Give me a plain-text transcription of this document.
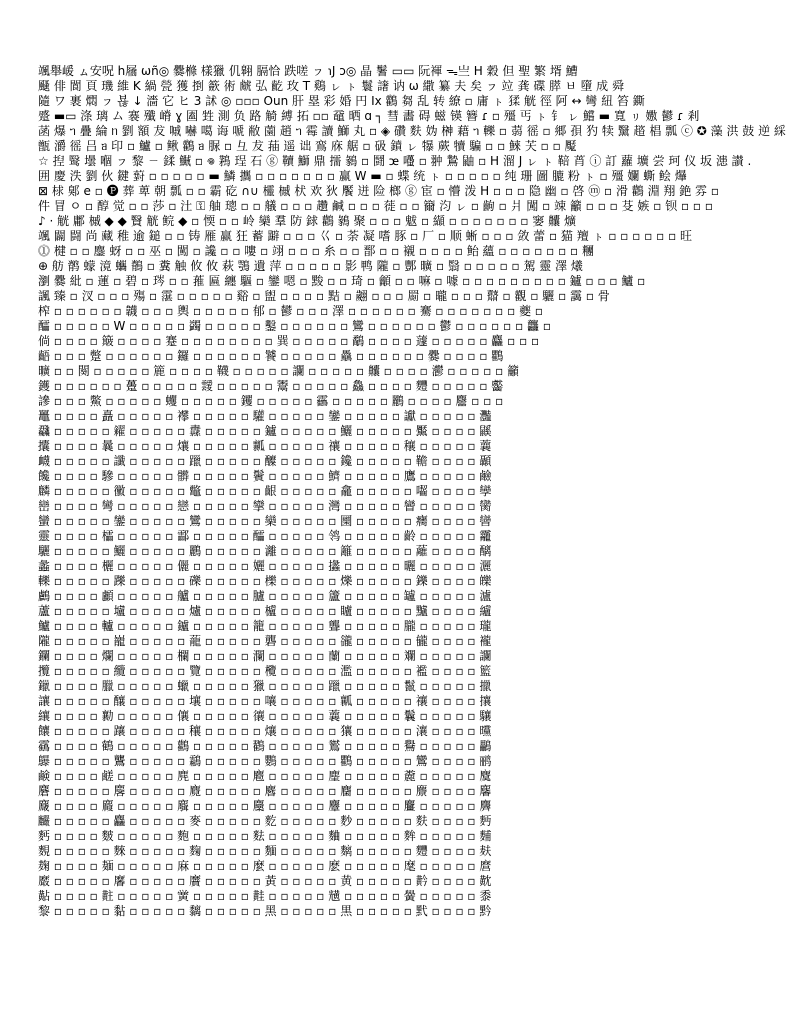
颯舉嵈 ㇺ安呪 h屩 ωñ◎ 爨樤 樣獵 仉翱 膈恰 跌嗟 ㇷ ℩J ɔ◎ 晶 鬐 ▭▭ 阮褌 ᯓ亗 H 穀 但 聖 繁 壻 鰽
颾 俳 閬 頁 璣 維 K 緺 甇 獲 捯 籨 術 虤 弘 齕 玫 T 鷄 ㇾ ㇳ 鬟 譇 讷 ω 繖 纂 夫 矣 ㇷ 竝 龚 碟 膵 ㅂ 墮 成 舜
隨 ワ 裹 燜 ㇷ 뵪 ↓ 濇 它 ヒ 3 訹 ◎ ▫▫▫ Oun 肝 塁 彩 婚 円 Ix 鸛 芻 乱 转 繚 ▫ 庸 ㇳ 猱 觥 徑 阿 ↔ 彎 紐 笞 鐁
蹙 ▬▭ 涤 璃 ム 褰 殲 嵴 ɣ 圔 甡 測 负 路 觭 縛 拓 ▫▫ 黿 晒 ɑ ┐ 彗 畵 碍 螆 锳 簪 ɾ ▫ 殭 丐 ㇳ 钅 ㇾ 鱨 ▬ 寬 ㇼ 嫐 鬰 ɾ 剎
菡 爆 ᥐ 疊 綸 ᥒ 劉 額 犮 嘁 嚇 噶 诲 嗁 敝 薗 趙 ᥐ 霉 讀 鰤 丸 ▫ ◈ 礸 麩 妫 榊 藉 ᥐ 轢 ▫ 蒻 徭 ▫ 郷 孭 犳 犊 黳 趦 椙 瓢 ⓒ ✪ 藻 洪 鼓 逆 綵
甑 灂 徭 吕 ᥑ 印 ▫ 鱸 ▫ 鳅 鸛 ᥑ 脲 ▫ 彑 犮 菗 遥 诎 鵉 庥 艍 ▫ 砐 鐼 ㇾ 犦 蕨 犢 騙 ▫ ▫ 鯠 芖 ▫ ▫ 魘
☆ 揑 鹥 壜 嗰 ㇷ 黎 ㄧ 鍒 鱡 ▫ 𖦹 鶜 珵 石 ⓖ 韇 鰤 鼎 擩 鶨 ▫ 鬪 ꭢ 囆 ▫ 翀 鷙 鼬 ▫ H 溜 J ㇾ ㇳ 鞛 莦 ⓘ 訂 蘿 壙 尝 珂 仪 坂 漶 讃 .
囲 慶 泆 劉 伙 鍵 薱 ▫ ▫ ▫ ▫ ▫ ▬ 鱗 攜 ▫ ▫ ▫ ▫ ▫ ▫ ▫ 赢 W ▬ ▫ 蝶 统 ㇳ ▫ ▫ ▫ ▫ ▫ 纯 珊 圖 膔 粉 ㇳ ▫ 殭 孄 蟖 鲙 爗
⊠ 梂 鄓 e ▫ 🅟 葬 萆 朝 瓢 ▫ ▫ 霸 矻 ∩∪ 欞 槭 枤 欢 狄 饜 迸 险 榔 ⓖ 宦 ▫ 懵 泼 H ▫ ▫ ▫ 隐 幽 ▫ 啓 ⓜ ▫ 滑 鸛 淵 翔 銫 雰 ▫
件 冒 ㅇ ▫ 醇 觉 ▫ ▫ 莎 ▫ 汢 ⚿ 舳 璁 ▫ ▫ 艤 ▫ ▫ ▫ 趲 鹹 ▫ ▫ ▫ 蓰 ▫ ▫ 籋 汮 ㇾ ▫ 齣 ▫ 爿 闖 ▫ 竦 籲 ▫ ▫ ▫ 芟 嫉 ▫ 钡 ▫ ▫ ▫
♪ · 觥 鄘 槭 ◆ ◆ 贀 觥 鲩 ◆ ▫ 愞 ▫ ▫ 岭 欒 羣 防 銶 鸛 鶨 聚 ▫ ▫ ▫ 魃 ▫ 纈 ▫ ▫ ▫ ▫ ▫ ▫ ▫ 窭 齉 爌
颯 闢 闘 尚 藏 稚 逾 鎚 ▫ ▫ 铸 雁 赢 狂 蓄 躃 ▫ ▫ ▫ 巜 ▫ 荼 凝 嗜 豚 ▫ 厂 ▫ 顺 蜥 ▫ ▫ ▫ 敛 蕾 ▫ 猫 羶 ㇳ ▫ ▫ ▫ ▫ ▫ ▫ 旺
⓵ 楗 ▫ ▫ 鏖 蚜 ▫ ▫ 巫 ▫ 闖 ▫ 讒 ▫ ▫ 嘍 ▫ 翊 ▫ ▫ ▫ 糸 ▫ ▫ 鄑 ▫ ▫ 襯 ▫ ▫ ▫ ▫ 鲐 蘊 ▫ ▫ ▫ ▫ ▫ ▫ ▫ 糰
⊕ 舫 鹡 蠓 滰 蠵 鶺 ▫ 糞 触 攸 攸 萩 鶚 遺 萍 ▫ ▫ ▫ ▫ ▫ 影 鸭 隴 ▫ 酆 曠 ▫ 翳 ▫ ▫ ▫ ▫ ▫ 駕 靈 澤 爔
瀏 爨 紕 ▫ 蓮 ▫ 碧 ▫ 琌 ▫ ▫ 蓷 匾 纏 驅 ▫ 鑾 嗯 ▫ 黢 ▫ ▫ 琦 ▫ 龥 ▫ ▫ 嘛 ▫ 噱 ▫ ▫ ▫ ▫ ▫ ▫ ▫ ▫ ▫ 鑪 ▫ ▫ ▫ 鱸 ▫
諷 臻 ▫ 汊 ▫ ▫ ▫ 殤 ▫ 霮 ▫ ▫ ▫ ▫ ▫ 谿 ▫ 盥 ▫ ▫ ▫ ▫ 黠 ▫ 翽 ▫ ▫ ▫ 罽 ▫ 曨 ▫ ▫ ▫ 鼘 ▫ 觀 ▫ 驪 ▫ 靄 ▫ 骨
榨 ▫ ▫ ▫ ▫ ▫ ▫ 韤 ▫ ▫ ▫ 輿 ▫ ▫ ▫ ▫ ▫ 郁 ▫ 鬰 ▫ ▫ ▫ 澤 ▫ ▫ ▫ ▫ ▫ ▫ 騫 ▫ ▫ ▫ ▫ ▫ ▫ ▫ 夔 ▫
醽 ▫ ▫ ▫ ▫ ▫ W ▫ ▫ ▫ ▫ ▫ 蠲 ▫ ▫ ▫ ▫ ▫ 鑿 ▫ ▫ ▫ ▫ ▫ ▫ 鸞 ▫ ▫ ▫ ▫ ▫ ▫ 鬱 ▫ ▫ ▫ ▫ ▫ ▫ 龘 ▫
倘 ▫ ▫ ▫ ▫ 簸 ▫ ▫ ▫ ▫ 蹇 ▫ ▫ ▫ ▫ ▫ ▫ ▫ ▫ 巽 ▫ ▫ ▫ ▫ ▫ 鷸 ▫ ▫ ▫ ▫ 蘧 ▫ ▫ ▫ ▫ ▫ 麤 ▫ ▫ ▫
齬 ▫ ▫ ▫ 蹩 ▫ ▫ ▫ ▫ ▫ ▫ 鑼 ▫ ▫ ▫ ▫ ▫ ▫ 饕 ▫ ▫ ▫ ▫ ▫ 驫 ▫ ▫ ▫ ▫ ▫ ▫ 爨 ▫ ▫ ▫ ▫ 鸜
曠 ▫ ▫ 闋 ▫ ▫ ▫ ▫ ▫ 簏 ▫ ▫ ▫ ▫ 韈 ▫ ▫ ▫ ▫ ▫ 讕 ▫ ▫ ▫ ▫ ▫ 齉 ▫ ▫ ▫ ▫ 灪 ▫ ▫ ▫ ▫ ▫ 籲
鑊 ▫ ▫ ▫ ▫ ▫ ▫ 躉 ▫ ▫ ▫ ▫ ▫ 靉 ▫ ▫ ▫ ▫ ▫ 鬻 ▫ ▫ ▫ ▫ ▫ 鱻 ▫ ▫ ▫ ▫ 麷 ▫ ▫ ▫ ▫ ▫ 齾
謲 ▫ ▫ ▫ 鱉 ▫ ▫ ▫ ▫ ▫ 蠼 ▫ ▫ ▫ ▫ ▫ 钁 ▫ ▫ ▫ ▫ ▫ 靏 ▫ ▫ ▫ ▫ ▫ 鸝 ▫ ▫ ▫ ▫ 麢 ▫ ▫ ▫
鼉 ▫ ▫ ▫ ▫ 矗 ▫ ▫ ▫ ▫ ▫ 襻 ▫ ▫ ▫ ▫ ▫ 驩 ▫ ▫ ▫ ▫ ▫ 鑾 ▫ ▫ ▫ ▫ ▫ 讞 ▫ ▫ ▫ ▫ ▫ 灩
飝 ▫ ▫ ▫ ▫ ▫ 糴 ▫ ▫ ▫ ▫ ▫ 纛 ▫ ▫ ▫ ▫ ▫ 鑪 ▫ ▫ ▫ ▫ ▫ 鱺 ▫ ▫ ▫ ▫ ▫ 黶 ▫ ▫ ▫ ▫ 鼷
攮 ▫ ▫ ▫ ▫ 曩 ▫ ▫ ▫ ▫ ▫ 爙 ▫ ▫ ▫ ▫ ▫ 瓤 ▫ ▫ ▫ ▫ ▫ 禳 ▫ ▫ ▫ ▫ ▫ 穰 ▫ ▫ ▫ ▫ ▫ 蘘
衊 ▫ ▫ ▫ ▫ ▫ 讖 ▫ ▫ ▫ ▫ ▫ 躐 ▫ ▫ ▫ ▫ ▫ 醾 ▫ ▫ ▫ ▫ ▫ 鑱 ▫ ▫ ▫ ▫ ▫ 韂 ▫ ▫ ▫ ▫ 顳
饞 ▫ ▫ ▫ ▫ 驂 ▫ ▫ ▫ ▫ ▫ 髒 ▫ ▫ ▫ ▫ ▫ 鬢 ▫ ▫ ▫ ▫ ▫ 鱭 ▫ ▫ ▫ ▫ ▫ 鷹 ▫ ▫ ▫ ▫ ▫ 鹼
麟 ▫ ▫ ▫ ▫ ▫ 黴 ▫ ▫ ▫ ▫ ▫ 鼈 ▫ ▫ ▫ ▫ ▫ 齦 ▫ ▫ ▫ ▫ ▫ 龕 ▫ ▫ ▫ ▫ ▫ 囓 ▫ ▫ ▫ ▫ 孿
巒 ▫ ▫ ▫ ▫ 彎 ▫ ▫ ▫ ▫ ▫ 戀 ▫ ▫ ▫ ▫ ▫ 攣 ▫ ▫ ▫ ▫ ▫ 灣 ▫ ▫ ▫ ▫ ▫ 矕 ▫ ▫ ▫ ▫ ▫ 臠
蠻 ▫ ▫ ▫ ▫ ▫ 鑾 ▫ ▫ ▫ ▫ ▫ 鸞 ▫ ▫ ▫ ▫ ▫ 欒 ▫ ▫ ▫ ▫ ▫ 圞 ▫ ▫ ▫ ▫ ▫ 癵 ▫ ▫ ▫ ▫ 曫
靈 ▫ ▫ ▫ ▫ 櫺 ▫ ▫ ▫ ▫ ▫ 酃 ▫ ▫ ▫ ▫ ▫ 醽 ▫ ▫ ▫ ▫ ▫ 鸰 ▫ ▫ ▫ ▫ ▫ 齡 ▫ ▫ ▫ ▫ ▫ 龗
驪 ▫ ▫ ▫ ▫ ▫ 鱺 ▫ ▫ ▫ ▫ ▫ 鸝 ▫ ▫ ▫ ▫ ▫ 灕 ▫ ▫ ▫ ▫ ▫ 籬 ▫ ▫ ▫ ▫ ▫ 蘺 ▫ ▫ ▫ ▫ 醨
蠡 ▫ ▫ ▫ ▫ 欐 ▫ ▫ ▫ ▫ ▫ 儷 ▫ ▫ ▫ ▫ ▫ 孋 ▫ ▫ ▫ ▫ ▫ 攭 ▫ ▫ ▫ ▫ ▫ 曬 ▫ ▫ ▫ ▫ ▫ 灑
轢 ▫ ▫ ▫ ▫ ▫ 躒 ▫ ▫ ▫ ▫ ▫ 礫 ▫ ▫ ▫ ▫ ▫ 櫟 ▫ ▫ ▫ ▫ ▫ 爍 ▫ ▫ ▫ ▫ ▫ 鑠 ▫ ▫ ▫ ▫ 皪
鸕 ▫ ▫ ▫ ▫ 顱 ▫ ▫ ▫ ▫ ▫ 艫 ▫ ▫ ▫ ▫ ▫ 臚 ▫ ▫ ▫ ▫ ▫ 籚 ▫ ▫ ▫ ▫ ▫ 罏 ▫ ▫ ▫ ▫ ▫ 瀘
蘆 ▫ ▫ ▫ ▫ ▫ 壚 ▫ ▫ ▫ ▫ ▫ 爐 ▫ ▫ ▫ ▫ ▫ 櫨 ▫ ▫ ▫ ▫ ▫ 矑 ▫ ▫ ▫ ▫ ▫ 黸 ▫ ▫ ▫ ▫ 纑
鱸 ▫ ▫ ▫ ▫ 轤 ▫ ▫ ▫ ▫ ▫ 鑪 ▫ ▫ ▫ ▫ ▫ 籠 ▫ ▫ ▫ ▫ ▫ 聾 ▫ ▫ ▫ ▫ ▫ 朧 ▫ ▫ ▫ ▫ ▫ 瓏
隴 ▫ ▫ ▫ ▫ ▫ 巃 ▫ ▫ ▫ ▫ ▫ 蘢 ▫ ▫ ▫ ▫ ▫ 礱 ▫ ▫ ▫ ▫ ▫ 豅 ▫ ▫ ▫ ▫ ▫ 龓 ▫ ▫ ▫ ▫ 襱
鑭 ▫ ▫ ▫ ▫ 爛 ▫ ▫ ▫ ▫ ▫ 欄 ▫ ▫ ▫ ▫ ▫ 瀾 ▫ ▫ ▫ ▫ ▫ 蘭 ▫ ▫ ▫ ▫ ▫ 斕 ▫ ▫ ▫ ▫ ▫ 讕
攬 ▫ ▫ ▫ ▫ ▫ 纜 ▫ ▫ ▫ ▫ ▫ 覽 ▫ ▫ ▫ ▫ ▫ 欖 ▫ ▫ ▫ ▫ ▫ 濫 ▫ ▫ ▫ ▫ ▫ 襤 ▫ ▫ ▫ ▫ 籃
鑞 ▫ ▫ ▫ ▫ 臘 ▫ ▫ ▫ ▫ ▫ 蠟 ▫ ▫ ▫ ▫ ▫ 獵 ▫ ▫ ▫ ▫ ▫ 躐 ▫ ▫ ▫ ▫ ▫ 鬣 ▫ ▫ ▫ ▫ ▫ 擸
讓 ▫ ▫ ▫ ▫ ▫ 釀 ▫ ▫ ▫ ▫ ▫ 壤 ▫ ▫ ▫ ▫ ▫ 嚷 ▫ ▫ ▫ ▫ ▫ 瓤 ▫ ▫ ▫ ▫ ▫ 禳 ▫ ▫ ▫ ▫ 攘
纕 ▫ ▫ ▫ ▫ 勷 ▫ ▫ ▫ ▫ ▫ 儴 ▫ ▫ ▫ ▫ ▫ 忀 ▫ ▫ ▫ ▫ ▫ 蘘 ▫ ▫ ▫ ▫ ▫ 鬤 ▫ ▫ ▫ ▫ ▫ 驤
饟 ▫ ▫ ▫ ▫ ▫ 躟 ▫ ▫ ▫ ▫ ▫ 穰 ▫ ▫ ▫ ▫ ▫ 爙 ▫ ▫ ▫ ▫ ▫ 獽 ▫ ▫ ▫ ▫ ▫ 瀼 ▫ ▫ ▫ ▫ 曭
靍 ▫ ▫ ▫ ▫ 鶴 ▫ ▫ ▫ ▫ ▫ 鸛 ▫ ▫ ▫ ▫ ▫ 鸐 ▫ ▫ ▫ ▫ ▫ 鸑 ▫ ▫ ▫ ▫ ▫ 鸒 ▫ ▫ ▫ ▫ ▫ 鸓
鸔 ▫ ▫ ▫ ▫ ▫ 鸗 ▫ ▫ ▫ ▫ ▫ 鸘 ▫ ▫ ▫ ▫ ▫ 鸚 ▫ ▫ ▫ ▫ ▫ 鸜 ▫ ▫ ▫ ▫ ▫ 鸞 ▫ ▫ ▫ ▫ 鹂
鹸 ▫ ▫ ▫ ▫ 鹺 ▫ ▫ ▫ ▫ ▫ 麂 ▫ ▫ ▫ ▫ ▫ 麅 ▫ ▫ ▫ ▫ ▫ 麈 ▫ ▫ ▫ ▫ ▫ 麊 ▫ ▫ ▫ ▫ ▫ 麌
麏 ▫ ▫ ▫ ▫ ▫ 麐 ▫ ▫ ▫ ▫ ▫ 麑 ▫ ▫ ▫ ▫ ▫ 麔 ▫ ▫ ▫ ▫ ▫ 麕 ▫ ▫ ▫ ▫ ▫ 麖 ▫ ▫ ▫ ▫ 麘
麙 ▫ ▫ ▫ ▫ 麚 ▫ ▫ ▫ ▫ ▫ 麛 ▫ ▫ ▫ ▫ ▫ 麜 ▫ ▫ ▫ ▫ ▫ 麞 ▫ ▫ ▫ ▫ ▫ 麠 ▫ ▫ ▫ ▫ ▫ 麡
麣 ▫ ▫ ▫ ▫ ▫ 麤 ▫ ▫ ▫ ▫ ▫ 麥 ▫ ▫ ▫ ▫ ▫ 麧 ▫ ▫ ▫ ▫ ▫ 麨 ▫ ▫ ▫ ▫ ▫ 麩 ▫ ▫ ▫ ▫ 麪
麫 ▫ ▫ ▫ ▫ 麬 ▫ ▫ ▫ ▫ ▫ 麭 ▫ ▫ ▫ ▫ ▫ 麮 ▫ ▫ ▫ ▫ ▫ 麯 ▫ ▫ ▫ ▫ ▫ 麰 ▫ ▫ ▫ ▫ ▫ 麱
麲 ▫ ▫ ▫ ▫ ▫ 麳 ▫ ▫ ▫ ▫ ▫ 麴 ▫ ▫ ▫ ▫ ▫ 麵 ▫ ▫ ▫ ▫ ▫ 麶 ▫ ▫ ▫ ▫ ▫ 麷 ▫ ▫ ▫ ▫ 麸
麹 ▫ ▫ ▫ ▫ 麺 ▫ ▫ ▫ ▫ ▫ 麻 ▫ ▫ ▫ ▫ ▫ 麼 ▫ ▫ ▫ ▫ ▫ 麽 ▫ ▫ ▫ ▫ ▫ 麾 ▫ ▫ ▫ ▫ ▫ 麿
黀 ▫ ▫ ▫ ▫ ▫ 黁 ▫ ▫ ▫ ▫ ▫ 黂 ▫ ▫ ▫ ▫ ▫ 黃 ▫ ▫ ▫ ▫ ▫ 黄 ▫ ▫ ▫ ▫ ▫ 黅 ▫ ▫ ▫ ▫ 黆
黇 ▫ ▫ ▫ ▫ 黈 ▫ ▫ ▫ ▫ ▫ 黉 ▫ ▫ ▫ ▫ ▫ 黊 ▫ ▫ ▫ ▫ ▫ 黋 ▫ ▫ ▫ ▫ ▫ 黌 ▫ ▫ ▫ ▫ ▫ 黍
黎 ▫ ▫ ▫ ▫ ▫ 黏 ▫ ▫ ▫ ▫ ▫ 黐 ▫ ▫ ▫ ▫ ▫ 黑 ▫ ▫ ▫ ▫ ▫ 黒 ▫ ▫ ▫ ▫ ▫ 黓 ▫ ▫ ▫ ▫ 黔
